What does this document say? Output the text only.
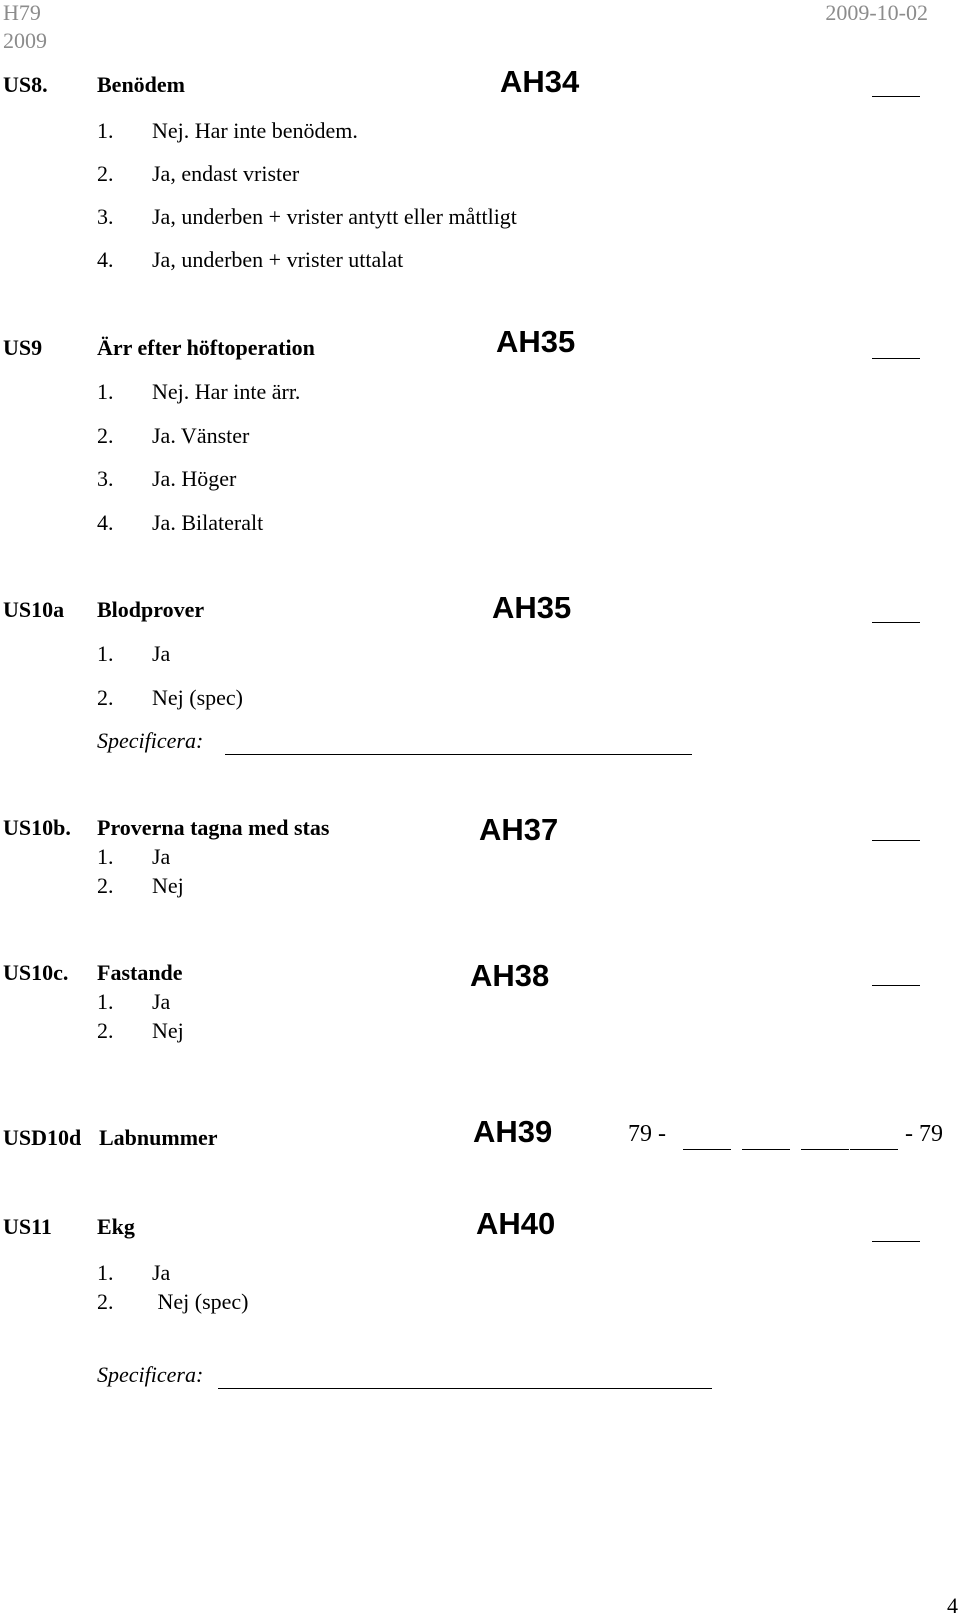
H79
2009
2009-10-02
US8. Benödem	AH34
1. Nej. Har inte benödem.
2. Ja, endast vrister
3. Ja, underben + vrister antytt eller måttligt
4. Ja, underben + vrister uttalat
US9 Ärr efter höftoperation	AH35
1. Nej. Har inte ärr.
2. Ja. Vänster
3. Ja. Höger
4. Ja. Bilateralt
US10a Blodprover	AH35
1. Ja
2. Nej (spec)
Specificera:
US10b. Proverna tagna med stas	AH37
1. Ja
2. Nej
US10c. Fastande	AH38
1. Ja
2. Nej
USD10d Labnummer	AH39	79 -	- 79
US11 Ekg	AH40
1. Ja
2. Nej (spec)
Specificera:
4
